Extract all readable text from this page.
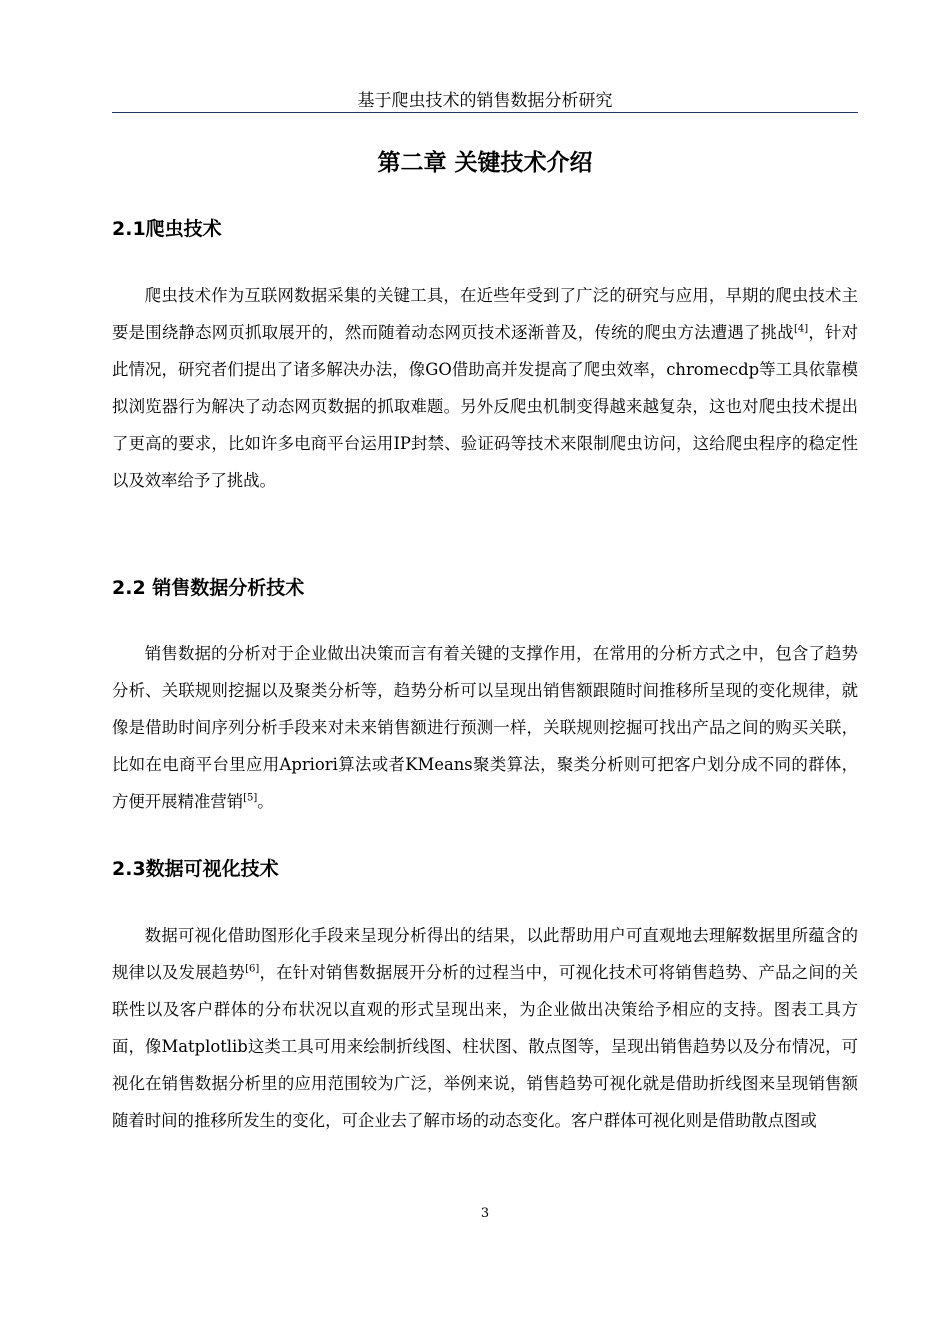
基于爬虫技术的销售数据分析研究
第二章 关键技术介绍
2.1爬虫技术

爬虫技术作为互联网数据采集的关键工具，在近些年受到了广泛的研究与应用，早期的爬虫技术主要是围绕静态网页抓取展开的，然而随着动态网页技术逐渐普及，传统的爬虫方法遭遇了挑战[4]，针对此情况，研究者们提出了诸多解决办法，像GO借助高并发提高了爬虫效率，chromecdp等工具依靠模拟浏览器行为解决了动态网页数据的抓取难题。另外反爬虫机制变得越来越复杂，这也对爬虫技术提出了更高的要求，比如许多电商平台运用IP封禁、验证码等技术来限制爬虫访问，这给爬虫程序的稳定性以及效率给予了挑战。

2.2 销售数据分析技术

销售数据的分析对于企业做出决策而言有着关键的支撑作用，在常用的分析方式之中，包含了趋势分析、关联规则挖掘以及聚类分析等，趋势分析可以呈现出销售额跟随时间推移所呈现的变化规律，就像是借助时间序列分析手段来对未来销售额进行预测一样，关联规则挖掘可找出产品之间的购买关联，比如在电商平台里应用Apriori算法或者KMeans聚类算法，聚类分析则可把客户划分成不同的群体，方便开展精准营销[5]。

2.3数据可视化技术

数据可视化借助图形化手段来呈现分析得出的结果，以此帮助用户可直观地去理解数据里所蕴含的规律以及发展趋势[6]，在针对销售数据展开分析的过程当中，可视化技术可将销售趋势、产品之间的关联性以及客户群体的分布状况以直观的形式呈现出来，为企业做出决策给予相应的支持。图表工具方面，像Matplotlib这类工具可用来绘制折线图、柱状图、散点图等，呈现出销售趋势以及分布情况，可视化在销售数据分析里的应用范围较为广泛，举例来说，销售趋势可视化就是借助折线图来呈现销售额随着时间的推移所发生的变化，可企业去了解市场的动态变化。客户群体可视化则是借助散点图或

3
